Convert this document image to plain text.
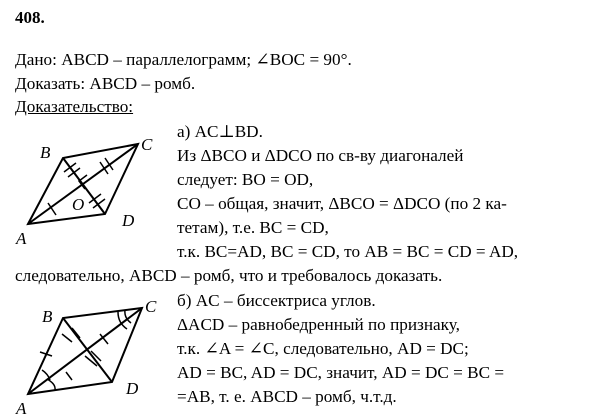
408.
Дано: ABCD – параллелограмм; ∠BOC = 90°.
Доказать: ABCD – ромб.
Доказательство:
а) AC⊥BD.
Из ΔBCO и ΔDCO по св-ву диагоналей
следует: BO = OD,
CO – общая, значит, ΔBCO = ΔDCO (по 2 ка-
тетам), т.е. BC = CD,
т.к. BC=AD, BC = CD, то AB = BC = CD = AD,
следовательно, ABCD – ромб, что и требовалось доказать.
б) AC – биссектриса углов.
ΔACD – равнобедренный по признаку,
т.к. ∠A = ∠C, следовательно, AD = DC;
AD = BC, AD = DC, значит, AD = DC = BC =
=AB, т. е. ABCD – ромб, ч.т.д.
A
B	C
D
O
A
B
C
D
